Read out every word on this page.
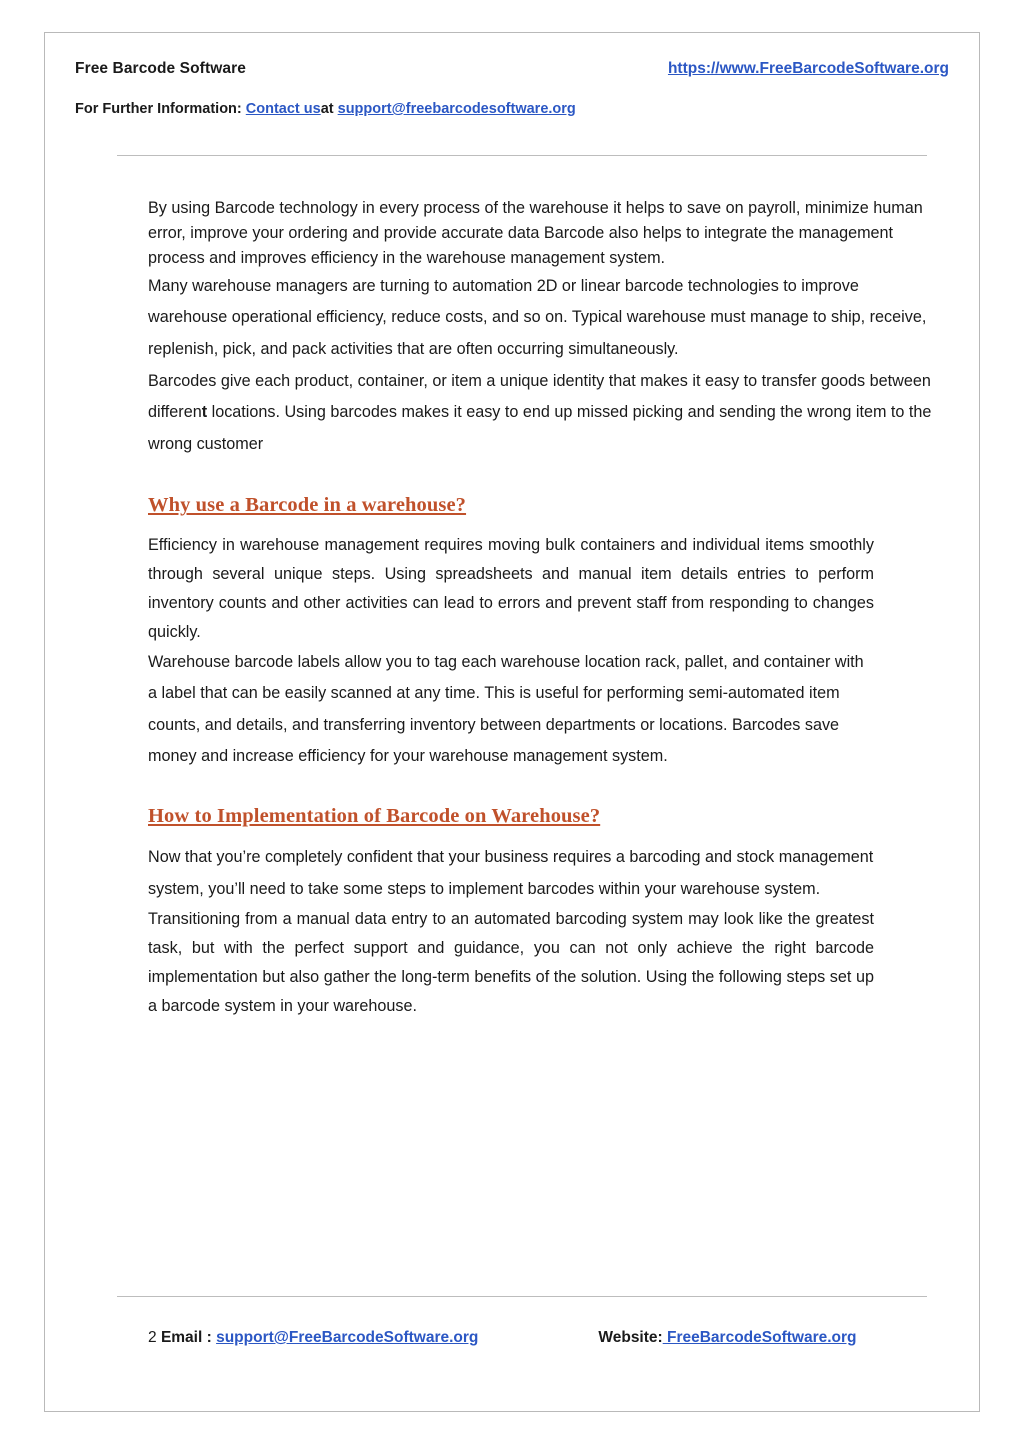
Free Barcode Software	https://www.FreeBarcodeSoftware.org
For Further Information: Contact usat support@freebarcodesoftware.org

By using Barcode technology in every process of the warehouse it helps to save on payroll, minimize human error, improve your ordering and provide accurate data Barcode also helps to integrate the management process and improves efficiency in the warehouse management system.

Many warehouse managers are turning to automation 2D or linear barcode technologies to improve warehouse operational efficiency, reduce costs, and so on. Typical warehouse must manage to ship, receive, replenish, pick, and pack activities that are often occurring simultaneously.

Barcodes give each product, container, or item a unique identity that makes it easy to transfer goods between different locations. Using barcodes makes it easy to end up missed picking and sending the wrong item to the wrong customer

Why use a Barcode in a warehouse?

Efficiency in warehouse management requires moving bulk containers and individual items smoothly through several unique steps. Using spreadsheets and manual item details entries to perform inventory counts and other activities can lead to errors and prevent staff from responding to changes quickly.

Warehouse barcode labels allow you to tag each warehouse location rack, pallet, and container with a label that can be easily scanned at any time. This is useful for performing semi-automated item counts, and details, and transferring inventory between departments or locations. Barcodes save money and increase efficiency for your warehouse management system.

How to Implementation of Barcode on Warehouse?

Now that you’re completely confident that your business requires a barcoding and stock management system, you’ll need to take some steps to implement barcodes within your warehouse system.

Transitioning from a manual data entry to an automated barcoding system may look like the greatest task, but with the perfect support and guidance, you can not only achieve the right barcode implementation but also gather the long-term benefits of the solution. Using the following steps set up a barcode system in your warehouse.

2 Email : support@FreeBarcodeSoftware.org	Website: FreeBarcodeSoftware.org
